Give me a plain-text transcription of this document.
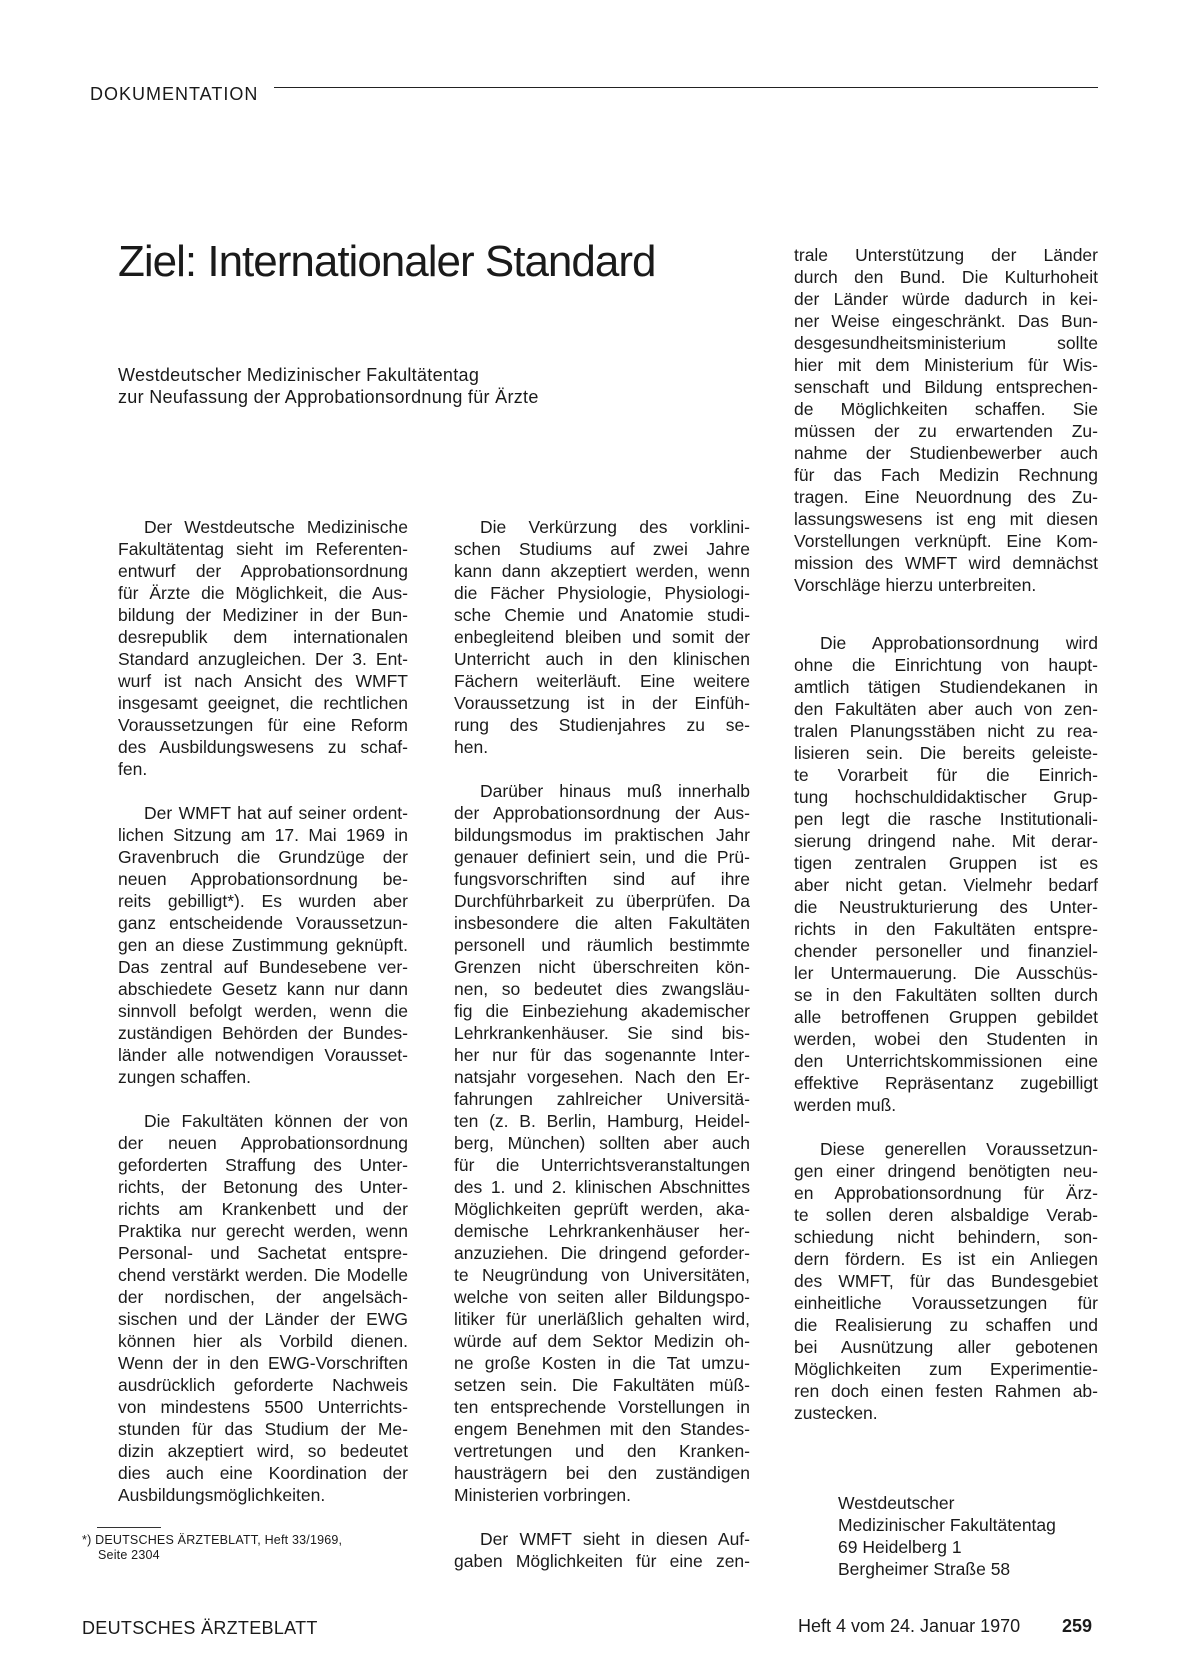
DOKUMENTATION
Ziel: Internationaler Standard
Westdeutscher Medizinischer Fakultätentag
zur Neufassung der Approbationsordnung für Ärzte
Der Westdeutsche Medizinische
Fakultätentag sieht im Referenten-
entwurf der Approbationsordnung
für Ärzte die Möglichkeit, die Aus-
bildung der Mediziner in der Bun-
desrepublik dem internationalen
Standard anzugleichen. Der 3. Ent-
wurf ist nach Ansicht des WMFT
insgesamt geeignet, die rechtlichen
Voraussetzungen für eine Reform
des Ausbildungswesens zu schaf-
fen.
Der WMFT hat auf seiner ordent-
lichen Sitzung am 17. Mai 1969 in
Gravenbruch die Grundzüge der
neuen Approbationsordnung be-
reits gebilligt*). Es wurden aber
ganz entscheidende Voraussetzun-
gen an diese Zustimmung geknüpft.
Das zentral auf Bundesebene ver-
abschiedete Gesetz kann nur dann
sinnvoll befolgt werden, wenn die
zuständigen Behörden der Bundes-
länder alle notwendigen Vorausset-
zungen schaffen.
Die Fakultäten können der von
der neuen Approbationsordnung
geforderten Straffung des Unter-
richts, der Betonung des Unter-
richts am Krankenbett und der
Praktika nur gerecht werden, wenn
Personal- und Sachetat entspre-
chend verstärkt werden. Die Modelle
der nordischen, der angelsäch-
sischen und der Länder der EWG
können hier als Vorbild dienen.
Wenn der in den EWG-Vorschriften
ausdrücklich geforderte Nachweis
von mindestens 5500 Unterrichts-
stunden für das Studium der Me-
dizin akzeptiert wird, so bedeutet
dies auch eine Koordination der
Ausbildungsmöglichkeiten.
Die Verkürzung des vorklini-
schen Studiums auf zwei Jahre
kann dann akzeptiert werden, wenn
die Fächer Physiologie, Physiologi-
sche Chemie und Anatomie studi-
enbegleitend bleiben und somit der
Unterricht auch in den klinischen
Fächern weiterläuft. Eine weitere
Voraussetzung ist in der Einfüh-
rung des Studienjahres zu se-
hen.
Darüber hinaus muß innerhalb
der Approbationsordnung der Aus-
bildungsmodus im praktischen Jahr
genauer definiert sein, und die Prü-
fungsvorschriften sind auf ihre
Durchführbarkeit zu überprüfen. Da
insbesondere die alten Fakultäten
personell und räumlich bestimmte
Grenzen nicht überschreiten kön-
nen, so bedeutet dies zwangsläu-
fig die Einbeziehung akademischer
Lehrkrankenhäuser. Sie sind bis-
her nur für das sogenannte Inter-
natsjahr vorgesehen. Nach den Er-
fahrungen zahlreicher Universitä-
ten (z. B. Berlin, Hamburg, Heidel-
berg, München) sollten aber auch
für die Unterrichtsveranstaltungen
des 1. und 2. klinischen Abschnittes
Möglichkeiten geprüft werden, aka-
demische Lehrkrankenhäuser her-
anzuziehen. Die dringend geforder-
te Neugründung von Universitäten,
welche von seiten aller Bildungspo-
litiker für unerläßlich gehalten wird,
würde auf dem Sektor Medizin oh-
ne große Kosten in die Tat umzu-
setzen sein. Die Fakultäten müß-
ten entsprechende Vorstellungen in
engem Benehmen mit den Standes-
vertretungen und den Kranken-
hausträgern bei den zuständigen
Ministerien vorbringen.
Der WMFT sieht in diesen Auf-
gaben Möglichkeiten für eine zen-
trale Unterstützung der Länder
durch den Bund. Die Kulturhoheit
der Länder würde dadurch in kei-
ner Weise eingeschränkt. Das Bun-
desgesundheitsministerium sollte
hier mit dem Ministerium für Wis-
senschaft und Bildung entsprechen-
de Möglichkeiten schaffen. Sie
müssen der zu erwartenden Zu-
nahme der Studienbewerber auch
für das Fach Medizin Rechnung
tragen. Eine Neuordnung des Zu-
lassungswesens ist eng mit diesen
Vorstellungen verknüpft. Eine Kom-
mission des WMFT wird demnächst
Vorschläge hierzu unterbreiten.
Die Approbationsordnung wird
ohne die Einrichtung von haupt-
amtlich tätigen Studiendekanen in
den Fakultäten aber auch von zen-
tralen Planungsstäben nicht zu rea-
lisieren sein. Die bereits geleiste-
te Vorarbeit für die Einrich-
tung hochschuldidaktischer Grup-
pen legt die rasche Institutionali-
sierung dringend nahe. Mit derar-
tigen zentralen Gruppen ist es
aber nicht getan. Vielmehr bedarf
die Neustrukturierung des Unter-
richts in den Fakultäten entspre-
chender personeller und finanziel-
ler Untermauerung. Die Ausschüs-
se in den Fakultäten sollten durch
alle betroffenen Gruppen gebildet
werden, wobei den Studenten in
den Unterrichtskommissionen eine
effektive Repräsentanz zugebilligt
werden muß.
Diese generellen Voraussetzun-
gen einer dringend benötigten neu-
en Approbationsordnung für Ärz-
te sollen deren alsbaldige Verab-
schiedung nicht behindern, son-
dern fördern. Es ist ein Anliegen
des WMFT, für das Bundesgebiet
einheitliche Voraussetzungen für
die Realisierung zu schaffen und
bei Ausnützung aller gebotenen
Möglichkeiten zum Experimentie-
ren doch einen festen Rahmen ab-
zustecken.
*) DEUTSCHES ÄRZTEBLATT, Heft 33/1969,
Seite 2304
Westdeutscher
Medizinischer Fakultätentag
69 Heidelberg 1
Bergheimer Straße 58
DEUTSCHES ÄRZTEBLATT	Heft 4 vom 24. Januar 1970 259
